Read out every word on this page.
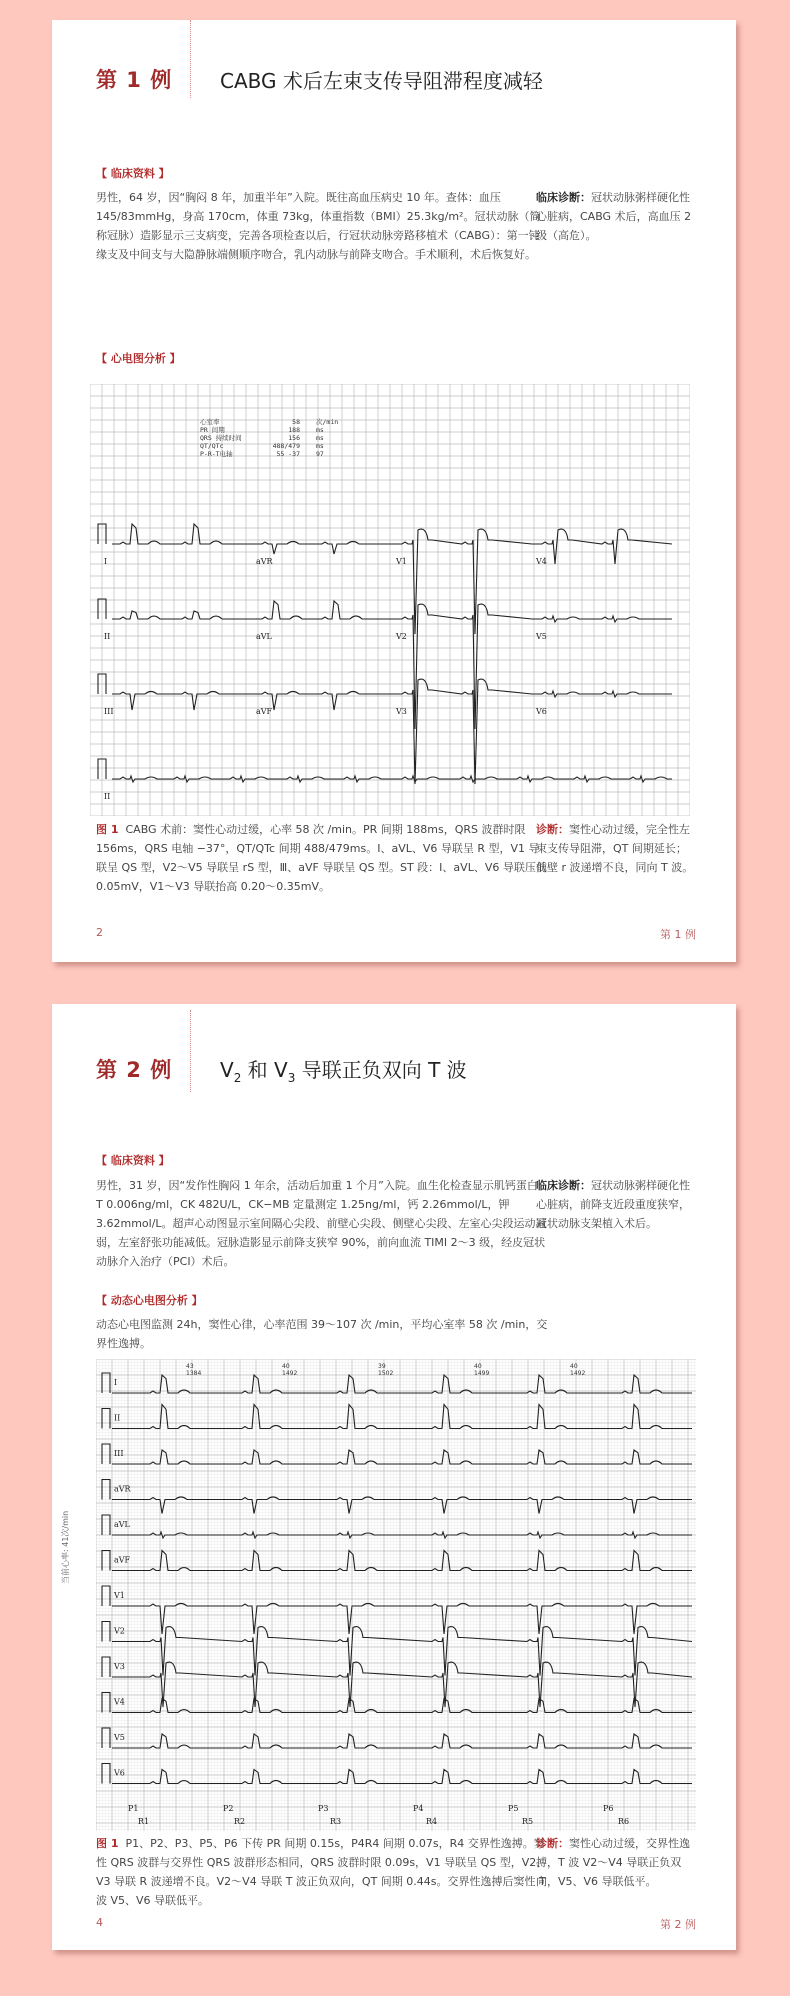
第 1 例 CABG 术后左束支传导阻滞程度减轻
【 临床资料 】
男性，64 岁，因“胸闷 8 年，加重半年”入院。既往高血压病史 10 年。查体：血压 145/83mmHg，身高 170cm，体重 73kg，体重指数（BMI）25.3kg/m²。冠状动脉（简称冠脉）造影显示三支病变，完善各项检查以后，行冠状动脉旁路移植术（CABG）：第一钝缘支及中间支与大隐静脉端侧顺序吻合，乳内动脉与前降支吻合。手术顺利，术后恢复好。
临床诊断：冠状动脉粥样硬化性心脏病，CABG 术后，高血压 2 级（高危）。
【 心电图分析 】
心室率	58 次/min
PR 间期	188 ms
QRS 持续时间	156 ms
QT/QTc	488/479 ms
P-R-T电轴	55 -37 97
I	aVR	V1	V4
II	aVL	V2	V5
III	aVF	V3	V6
II
图 1 CABG 术前：窦性心动过缓，心率 58 次 /min。PR 间期 188ms，QRS 波群时限 156ms，QRS 电轴 −37°，QT/QTc 间期 488/479ms。Ⅰ、aVL、V6 导联呈 R 型，V1 导联呈 QS 型，V2～V5 导联呈 rS 型，Ⅲ、aVF 导联呈 QS 型。ST 段：Ⅰ、aVL、V6 导联压低 0.05mV，V1～V3 导联抬高 0.20～0.35mV。
诊断：窦性心动过缓，完全性左束支传导阻滞，QT 间期延长；前壁 r 波递增不良，同向 T 波。
2	第 1 例
第 2 例 $V_2$ 和 $V_3$ 导联正负双向 T 波
【 临床资料 】
男性，31 岁，因“发作性胸闷 1 年余，活动后加重 1 个月”入院。血生化检查显示肌钙蛋白 T 0.006ng/ml，CK 482U/L，CK−MB 定量测定 1.25ng/ml，钙 2.26mmol/L，钾 3.62mmol/L。超声心动图显示室间隔心尖段、前壁心尖段、侧壁心尖段、左室心尖段运动减弱，左室舒张功能减低。冠脉造影显示前降支狭窄 90%，前向血流 TIMI 2～3 级，经皮冠状动脉介入治疗（PCI）术后。
临床诊断：冠状动脉粥样硬化性心脏病，前降支近段重度狭窄，冠状动脉支架植入术后。
【 动态心电图分析 】
动态心电图监测 24h，窦性心律，心率范围 39～107 次 /min，平均心室率 58 次 /min，交界性逸搏。
当前心率: 41次/min
43
1384
40
1492
39
1502
40
1499
40
1492
I
II
III
aVR
aVL
aVF
V1
V2
V3
V4
V5
V6
P1	P2	P3	P4	P5	P6
R1	R2	R3	R4	R5	R6
图 1 P1、P2、P3、P5、P6 下传 PR 间期 0.15s，P4R4 间期 0.07s，R4 交界性逸搏。窦性 QRS 波群与交界性 QRS 波群形态相同，QRS 波群时限 0.09s，V1 导联呈 QS 型，V2、V3 导联 R 波递增不良。V2～V4 导联 T 波正负双向，QT 间期 0.44s。交界性逸搏后窦性 T 波 V5、V6 导联低平。
诊断：窦性心动过缓，交界性逸搏，T 波 V2～V4 导联正负双向，V5、V6 导联低平。
4	第 2 例
